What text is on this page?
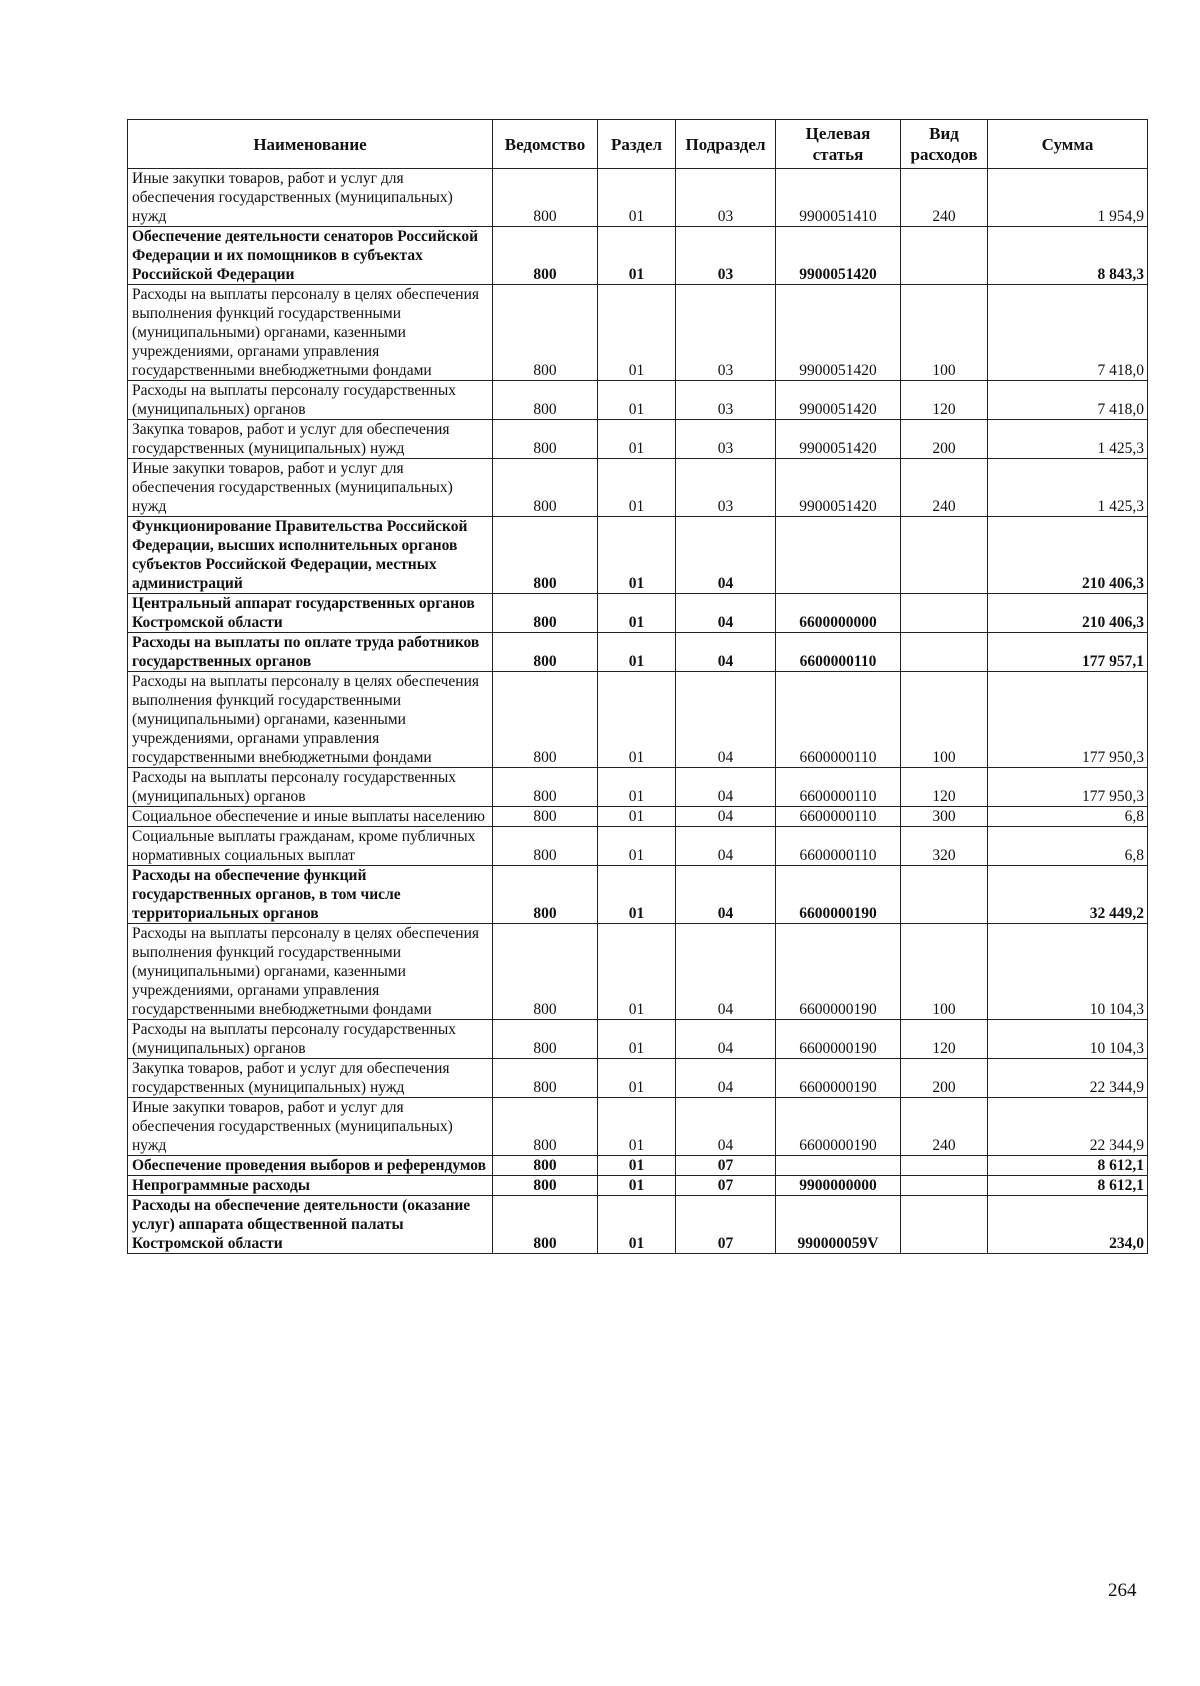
Наименование	Ведомство	Раздел	Подраздел	Целевая статья	Вид расходов	Сумма
Иные закупки товаров, работ и услуг для обеспечения государственных (муниципальных) нужд	800	01	03	9900051410	240	1 954,9
Обеспечение деятельности сенаторов Российской Федерации и их помощников в субъектах Российской Федерации	800	01	03	9900051420		8 843,3
Расходы на выплаты персоналу в целях обеспечения выполнения функций государственными (муниципальными) органами, казенными учреждениями, органами управления государственными внебюджетными фондами	800	01	03	9900051420	100	7 418,0
Расходы на выплаты персоналу государственных (муниципальных) органов	800	01	03	9900051420	120	7 418,0
Закупка товаров, работ и услуг для обеспечения государственных (муниципальных) нужд	800	01	03	9900051420	200	1 425,3
Иные закупки товаров, работ и услуг для обеспечения государственных (муниципальных) нужд	800	01	03	9900051420	240	1 425,3
Функционирование Правительства Российской Федерации, высших исполнительных органов субъектов Российской Федерации, местных администраций	800	01	04			210 406,3
Центральный аппарат государственных органов Костромской области	800	01	04	6600000000		210 406,3
Расходы на выплаты по оплате труда работников государственных органов	800	01	04	6600000110		177 957,1
Расходы на выплаты персоналу в целях обеспечения выполнения функций государственными (муниципальными) органами, казенными учреждениями, органами управления государственными внебюджетными фондами	800	01	04	6600000110	100	177 950,3
Расходы на выплаты персоналу государственных (муниципальных) органов	800	01	04	6600000110	120	177 950,3
Социальное обеспечение и иные выплаты населению	800	01	04	6600000110	300	6,8
Социальные выплаты гражданам, кроме публичных нормативных социальных выплат	800	01	04	6600000110	320	6,8
Расходы на обеспечение функций государственных органов, в том числе территориальных органов	800	01	04	6600000190		32 449,2
Расходы на выплаты персоналу в целях обеспечения выполнения функций государственными (муниципальными) органами, казенными учреждениями, органами управления государственными внебюджетными фондами	800	01	04	6600000190	100	10 104,3
Расходы на выплаты персоналу государственных (муниципальных) органов	800	01	04	6600000190	120	10 104,3
Закупка товаров, работ и услуг для обеспечения государственных (муниципальных) нужд	800	01	04	6600000190	200	22 344,9
Иные закупки товаров, работ и услуг для обеспечения государственных (муниципальных) нужд	800	01	04	6600000190	240	22 344,9
Обеспечение проведения выборов и референдумов	800	01	07			8 612,1
Непрограммные расходы	800	01	07	9900000000		8 612,1
Расходы на обеспечение деятельности (оказание услуг) аппарата общественной палаты Костромской области	800	01	07	990000059V		234,0
264
